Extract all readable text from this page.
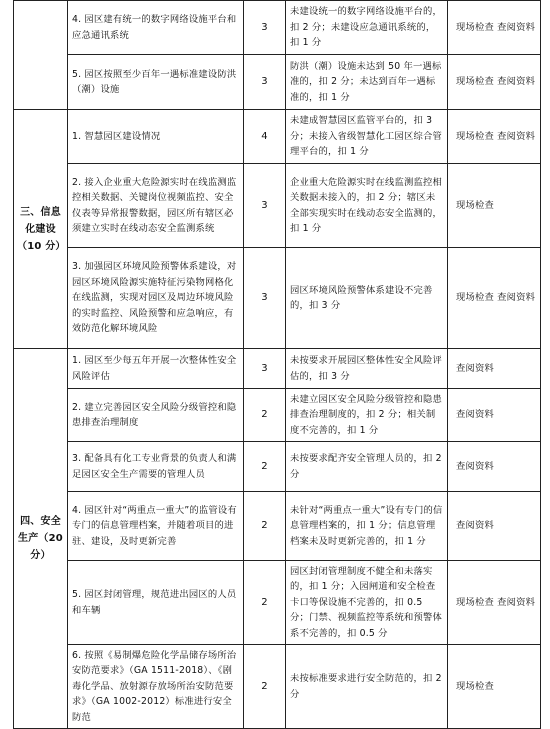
	4. 园区建有统一的数字网络设施平台和应急通讯系统	3	未建设统一的数字网络设施平台的，扣 2 分；未建设应急通讯系统的，扣 1 分	现场检查 查阅资料
	5. 园区按照至少百年一遇标准建设防洪（潮）设施	3	防洪（潮）设施未达到 50 年一遇标准的，扣 2 分；未达到百年一遇标准的，扣 1 分	现场检查 查阅资料
三、信息化建设（10 分）	1. 智慧园区建设情况	4	未建成智慧园区监管平台的，扣 3 分；未接入省级智慧化工园区综合管理平台的，扣 1 分	现场检查 查阅资料
	2. 接入企业重大危险源实时在线监测监控相关数据、关键岗位视频监控、安全仪表等异常报警数据，园区所有辖区必须建立实时在线动态安全监测系统	3	企业重大危险源实时在线监测监控相关数据未接入的，扣 2 分；辖区未全部实现实时在线动态安全监测的，扣 1 分	现场检查
	3. 加强园区环境风险预警体系建设，对园区环境风险源实施特征污染物网格化在线监测，实现对园区及周边环境风险的实时监控、风险预警和应急响应，有效防范化解环境风险	3	园区环境风险预警体系建设不完善的，扣 3 分	现场检查 查阅资料
四、安全生产（20 分）	1. 园区至少每五年开展一次整体性安全风险评估	3	未按要求开展园区整体性安全风险评估的，扣 3 分	查阅资料
	2. 建立完善园区安全风险分级管控和隐患排查治理制度	2	未建立园区安全风险分级管控和隐患排查治理制度的，扣 2 分；相关制度不完善的，扣 1 分	查阅资料
	3. 配备具有化工专业背景的负责人和满足园区安全生产需要的管理人员	2	未按要求配齐安全管理人员的，扣 2 分	查阅资料
	4. 园区针对“两重点一重大”的监管设有专门的信息管理档案，并随着项目的进驻、建设，及时更新完善	2	未针对“两重点一重大”设有专门的信息管理档案的，扣 1 分；信息管理档案未及时更新完善的，扣 1 分	查阅资料
	5. 园区封闭管理，规范进出园区的人员和车辆	2	园区封闭管理制度不健全和未落实的，扣 1 分；入园闸道和安全检查卡口等保设施不完善的，扣 0.5 分；门禁、视频监控等系统和预警体系不完善的，扣 0.5 分	现场检查 查阅资料
	6. 按照《易制爆危险化学品储存场所治安防范要求》（GA 1511-2018）、《剧毒化学品、放射源存放场所治安防范要求》（GA 1002-2012）标准进行安全防范	2	未按标准要求进行安全防范的，扣 2 分	现场检查
